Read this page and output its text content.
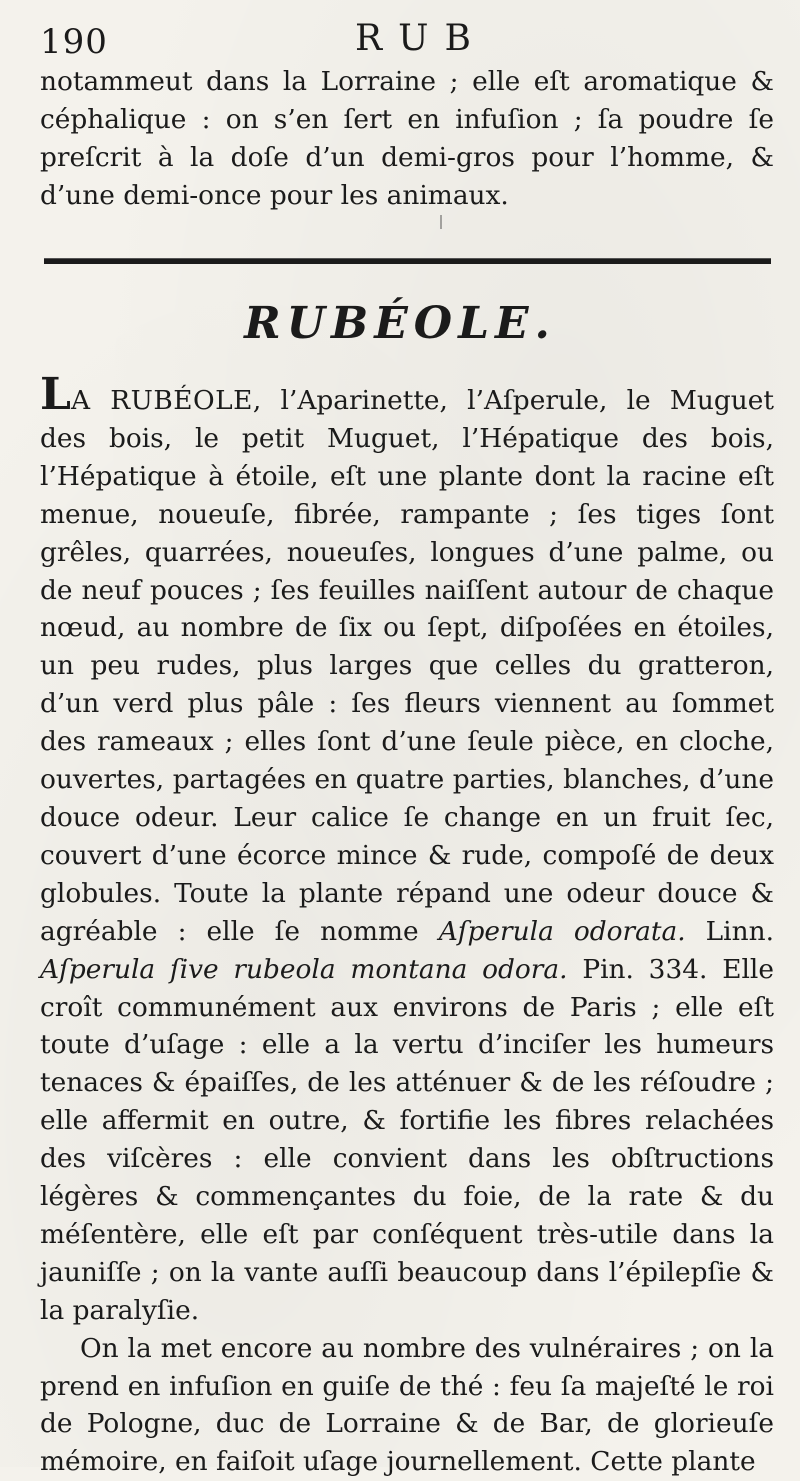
190	RUB

notammeut dans la Lorraine ; elle eſt aromatique & céphalique : on s’en ſert en infuſion ; ſa poudre ſe preſcrit à la doſe d’un demi-gros pour l’homme, & d’une demi-once pour les animaux.

RUBÉOLE.

LA RUBÉOLE, l’Aparinette, l’Aſperule, le Muguet des bois, le petit Muguet, l’Hépatique des bois, l’Hépatique à étoile, eſt une plante dont la racine eſt menue, noueuſe, fibrée, rampante ; ſes tiges ſont grêles, quarrées, noueuſes, longues d’une palme, ou de neuf pouces ; ſes feuilles naiſſent autour de chaque nœud, au nombre de ſix ou ſept, diſpoſées en étoiles, un peu rudes, plus larges que celles du gratteron, d’un verd plus pâle : ſes fleurs viennent au ſommet des rameaux ; elles ſont d’une ſeule pièce, en cloche, ouvertes, partagées en quatre parties, blanches, d’une douce odeur. Leur calice ſe change en un fruit ſec, couvert d’une écorce mince & rude, compoſé de deux globules. Toute la plante répand une odeur douce & agréable : elle ſe nomme Aſperula odorata. Linn. Aſperula ſive rubeola montana odora. Pin. 334. Elle croît communément aux environs de Paris ; elle eſt toute d’uſage : elle a la vertu d’inciſer les humeurs tenaces & épaiſſes, de les atténuer & de les réſoudre ; elle affermit en outre, & fortifie les fibres relachées des viſcères : elle convient dans les obſtructions légères & commençantes du foie, de la rate & du méſentère, elle eſt par conſéquent très-utile dans la jauniſſe ; on la vante auſſi beaucoup dans l’épilepſie & la paralyſie.

On la met encore au nombre des vulnéraires ; on la prend en infuſion en guiſe de thé : feu ſa majeſté le roi de Pologne, duc de Lorraine & de Bar, de glorieuſe mémoire, en faiſoit uſage journellement. Cette plante
